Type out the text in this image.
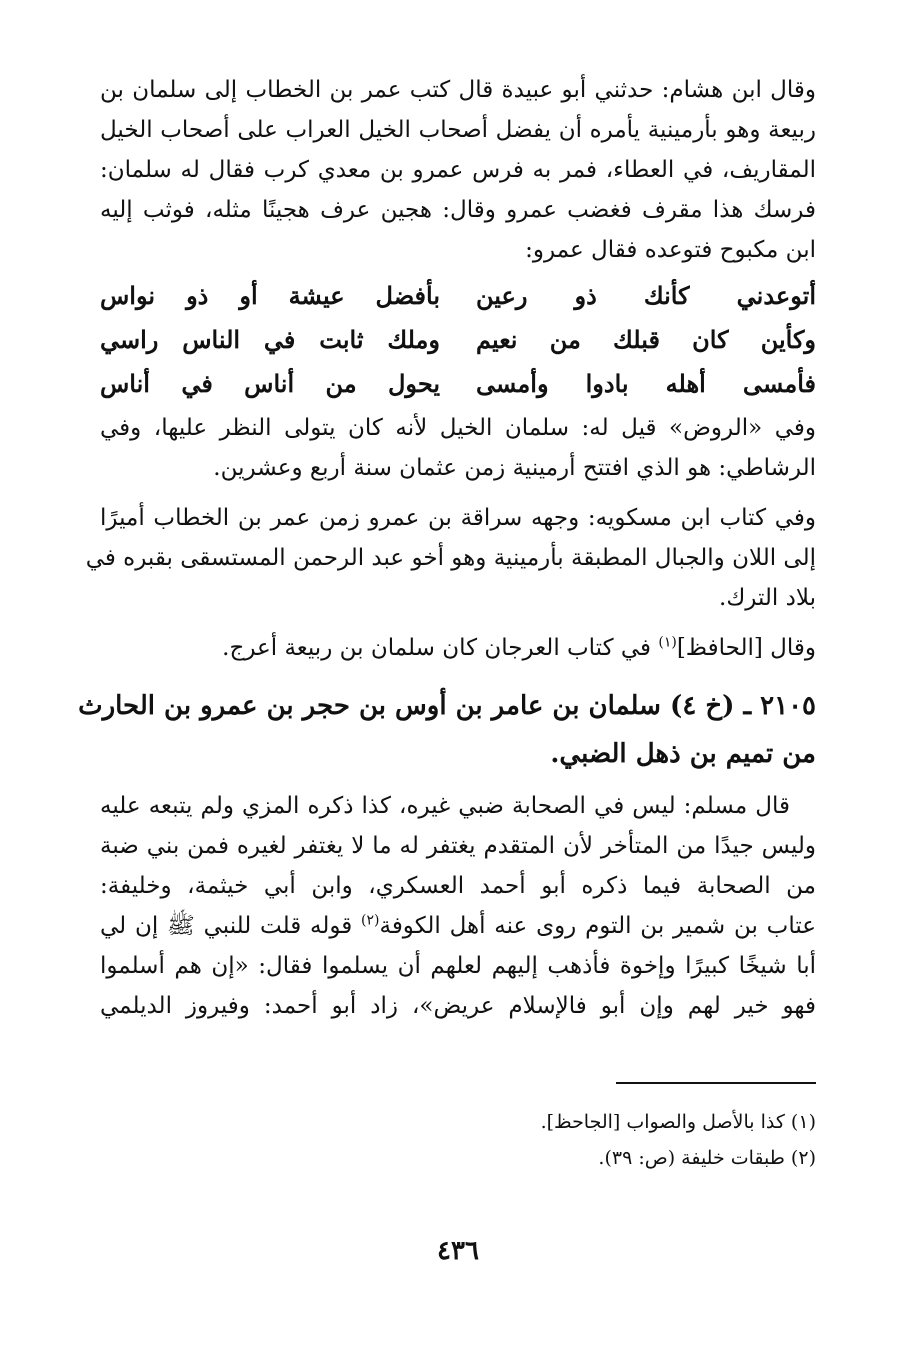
وقال ابن هشام: حدثني أبو عبيدة قال كتب عمر بن الخطاب إلى سلمان بن
ربيعة وهو بأرمينية يأمره أن يفضل أصحاب الخيل العراب على أصحاب الخيل
المقاريف، في العطاء، فمر به فرس عمرو بن معدي كرب فقال له سلمان:
فرسك هذا مقرف فغضب عمرو وقال: هجين عرف هجينًا مثله، فوثب إليه
ابن مكبوح فتوعده فقال عمرو:
أتوعدني كأنك ذو رعين
بأفضل عيشة أو ذو نواس
وكأين كان قبلك من نعيم
وملك ثابت في الناس راسي
فأمسى أهله بادوا وأمسى
يحول من أناس في أناس
وفي «الروض» قيل له: سلمان الخيل لأنه كان يتولى النظر عليها، وفي
الرشاطي: هو الذي افتتح أرمينية زمن عثمان سنة أربع وعشرين.
وفي كتاب ابن مسكويه: وجهه سراقة بن عمرو زمن عمر بن الخطاب أميرًا
إلى اللان والجبال المطبقة بأرمينية وهو أخو عبد الرحمن المستسقى بقبره في
بلاد الترك.
وقال [الحافظ]$^{(١)}$ في كتاب العرجان كان سلمان بن ربيعة أعرج.
٢١٠٥ ـ (خ ٤) سلمان بن عامر بن أوس بن حجر بن عمرو بن الحارث
من تميم بن ذهل الضبي.
قال مسلم: ليس في الصحابة ضبي غيره، كذا ذكره المزي ولم يتبعه عليه
وليس جيدًا من المتأخر لأن المتقدم يغتفر له ما لا يغتفر لغيره فمن بني ضبة
من الصحابة فيما ذكره أبو أحمد العسكري، وابن أبي خيثمة، وخليفة:
عتاب بن شمير بن التوم روى عنه أهل الكوفة$^{(٢)}$ قوله قلت للنبي ﷺ إن لي
أبا شيخًا كبيرًا وإخوة فأذهب إليهم لعلهم أن يسلموا فقال: «إن هم أسلموا
فهو خير لهم وإن أبو فالإسلام عريض»، زاد أبو أحمد: وفيروز الديلمي
(١) كذا بالأصل والصواب [الجاحظ].
(٢) طبقات خليفة (ص: ٣٩).
٤٣٦
